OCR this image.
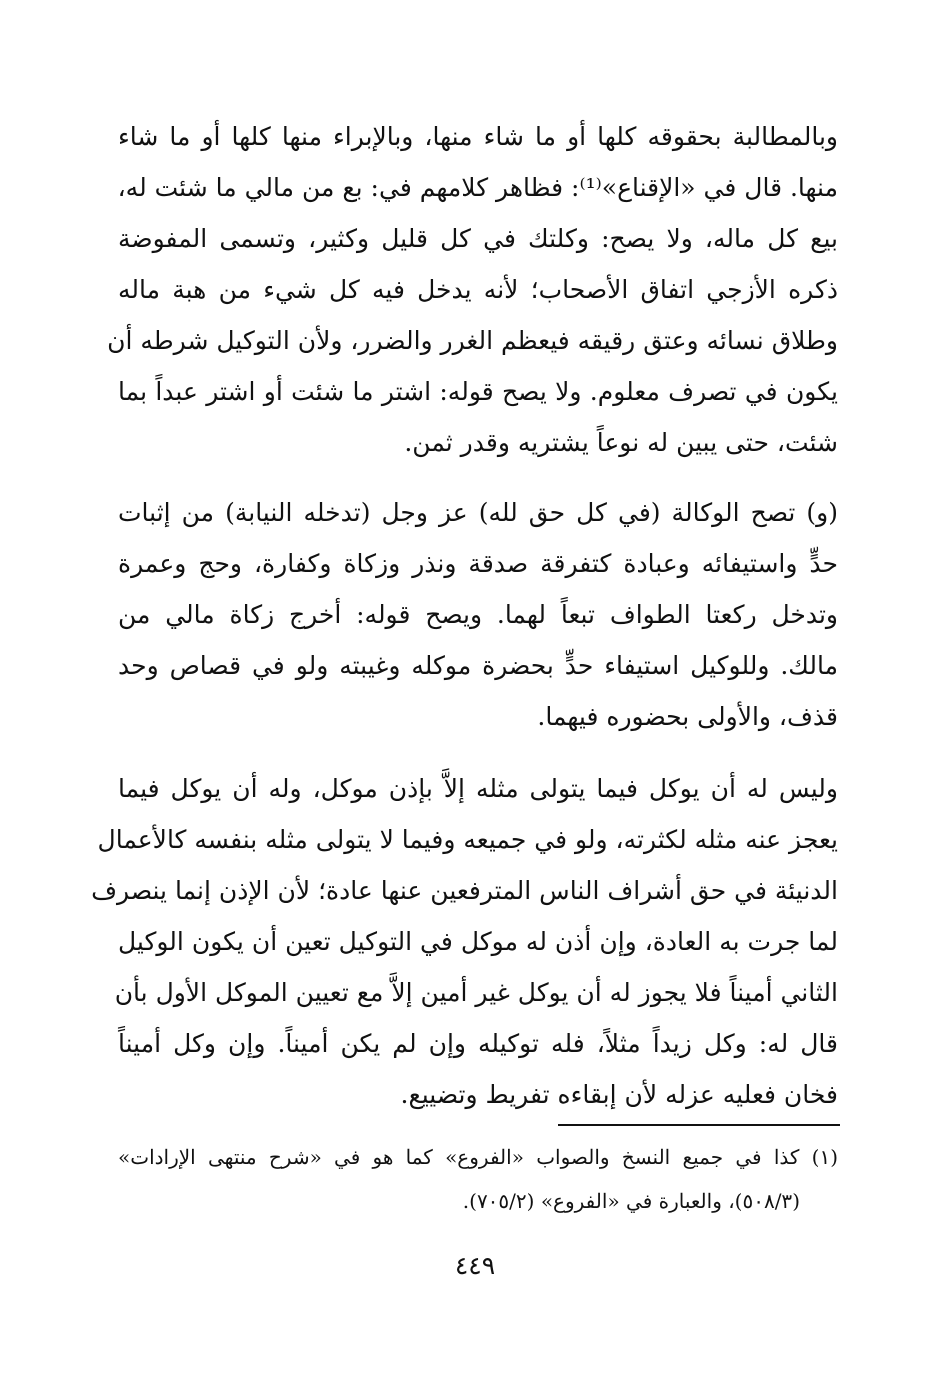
وبالمطالبة بحقوقه كلها أو ما شاء منها، وبالإبراء منها كلها أو ما شاء
منها. قال في «الإقناع»⁽¹⁾: فظاهر كلامهم في: بع من مالي ما شئت له،
بيع كل ماله، ولا يصح: وكلتك في كل قليل وكثير، وتسمى المفوضة
ذكره الأزجي اتفاق الأصحاب؛ لأنه يدخل فيه كل شيء من هبة ماله
وطلاق نسائه وعتق رقيقه فيعظم الغرر والضرر، ولأن التوكيل شرطه أن
يكون في تصرف معلوم. ولا يصح قوله: اشتر ما شئت أو اشتر عبداً بما
شئت، حتى يبين له نوعاً يشتريه وقدر ثمن.
(و) تصح الوكالة (في كل حق لله) عز وجل (تدخله النيابة) من إثبات
حدٍّ واستيفائه وعبادة كتفرقة صدقة ونذر وزكاة وكفارة، وحج وعمرة
وتدخل ركعتا الطواف تبعاً لهما. ويصح قوله: أخرج زكاة مالي من
مالك. وللوكيل استيفاء حدٍّ بحضرة موكله وغيبته ولو في قصاص وحد
قذف، والأولى بحضوره فيهما.
وليس له أن يوكل فيما يتولى مثله إلاَّ بإذن موكل، وله أن يوكل فيما
يعجز عنه مثله لكثرته، ولو في جميعه وفيما لا يتولى مثله بنفسه كالأعمال
الدنيئة في حق أشراف الناس المترفعين عنها عادة؛ لأن الإذن إنما ينصرف
لما جرت به العادة، وإن أذن له موكل في التوكيل تعين أن يكون الوكيل
الثاني أميناً فلا يجوز له أن يوكل غير أمين إلاَّ مع تعيين الموكل الأول بأن
قال له: وكل زيداً مثلاً، فله توكيله وإن لم يكن أميناً. وإن وكل أميناً
فخان فعليه عزله لأن إبقاءه تفريط وتضييع.
(١) كذا في جميع النسخ والصواب «الفروع» كما هو في «شرح منتهى الإرادات»
(٥٠٨/٣)، والعبارة في «الفروع» (٧٠٥/٢).
٤٤٩
